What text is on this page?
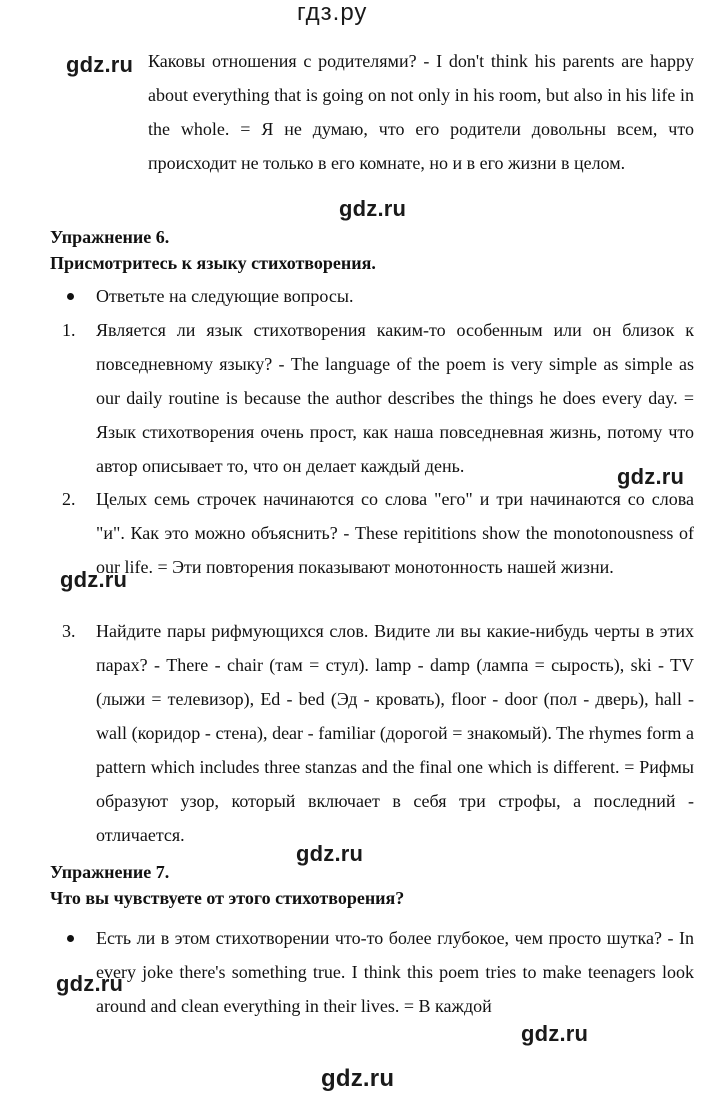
гдз.ру
gdz.ru
gdz.ru
gdz.ru
gdz.ru
gdz.ru
gdz.ru
gdz.ru
gdz.ru

Каковы отношения с родителями? - I don't think his parents are happy about everything that is going on not only in his room, but also in his life in the whole. = Я не думаю, что его родители довольны всем, что происходит не только в его комнате, но и в его жизни в целом.

Упражнение 6.
Присмотритесь к языку стихотворения.

Ответьте на следующие вопросы.

1. Является ли язык стихотворения каким-то особенным или он близок к повседневному языку? - The language of the poem is very simple as simple as our daily routine is because the author describes the things he does every day. = Язык стихотворения очень прост, как наша повседневная жизнь, потому что автор описывает то, что он делает каждый день.

2. Целых семь строчек начинаются со слова "его" и три начинаются со слова "и". Как это можно объяснить? - These repititions show the monotonousness of our life. = Эти повторения показывают монотонность нашей жизни.

3. Найдите пары рифмующихся слов. Видите ли вы какие-нибудь черты в этих парах? - There - chair (там = стул). lamp - damp (лампа = сырость), ski - TV (лыжи = телевизор), Ed - bed (Эд - кровать), floor - door (пол - дверь), hall - wall (коридор - стена), dear - familiar (дорогой = знакомый). The rhymes form a pattern which includes three stanzas and the final one which is different. = Рифмы образуют узор, который включает в себя три строфы, а последний - отличается.

Упражнение 7.
Что вы чувствуете от этого стихотворения?

Есть ли в этом стихотворении что-то более глубокое, чем просто шутка? - In every joke there's something true. I think this poem tries to make teenagers look around and clean everything in their lives. = В каждой
